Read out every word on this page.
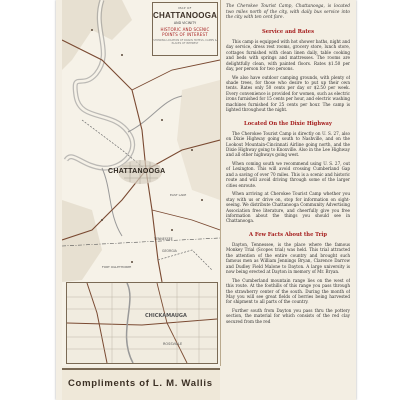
TENNESSEE
GEORGIA
EAST LAKE
FORT OGLETHORPE
MAP OF
CHATTANOOGA
AND VICINITY
HISTORIC AND SCENIC
POINTS OF INTEREST
SHOWING LOCATION OF ROADS HOTELS, CAMPS & PLACES OF INTEREST
CHATTANOOGA
CHICKAMAUGA
ROSSVILLE
Compliments of L. M. Wallis

The Cherokee Tourist Camp, Chattanooga, is located two miles north of the city, with daily bus service into the city with ten cent fare.

Service and Rates

This camp is equipped with hot shower baths, night and day service, dress rest rooms, grocery store, lunch store, cottages furnished with clean linen daily, table cooking and beds with springs and mattresses. The rooms are delightfully clean, with painted floors. Rates $1.50 per day, per person for two persons.

We also have outdoor camping grounds, with plenty of shade trees, for those who desire to put up their own tents. Rates only 50 cents per day or $2.50 per week. Every convenience is provided for women, such as electric irons furnished for 15 cents per hour, and electric washing machines furnished for 25 cents per hour. The camp is lighted throughout the night.

Located On the Dixie Highway

The Cherokee Tourist Camp is directly on U. S. 27, also on Dixie Highway going south to Nashville, and on the Lookout Mountain-Cincinnati Airline going north, and the Dixie Highway going to Knoxville. Also in the Lee Highway and all other highways going west.

When coming south we recommend using U. S. 27, out of Lexington. This will avoid crossing Cumberland Gap and a saving of over 70 miles. This is a scenic and historic route and will avoid driving through some of the larger cities enroute.

When arriving at Cherokee Tourist Camp whether you stay with us or drive on, stop for information on sight-seeing. We distribute Chattanooga Community Advertising Association free literature, and cheerfully give you free information about the things you should see in Chattanooga.

A Few Facts About the Trip

Dayton, Tennessee, is the place where the famous Monkey Trial (Scopes trial) was held. This trial attracted the attention of the entire country and brought such famous men as William Jennings Bryan, Clarence Darrow and Dudley Field Malone to Dayton. A large university is now being erected at Dayton in memory of Mr. Bryan.

The Cumberland mountain range lies on the west of this route. At the foothills of this range you pass through the strawberry center of the south. During the month of May you will see great fields of berries being harvested for shipment to all parts of the country.

Further south from Dayton you pass thru the pottery section, the material for which consists of the red clay secured from the red
